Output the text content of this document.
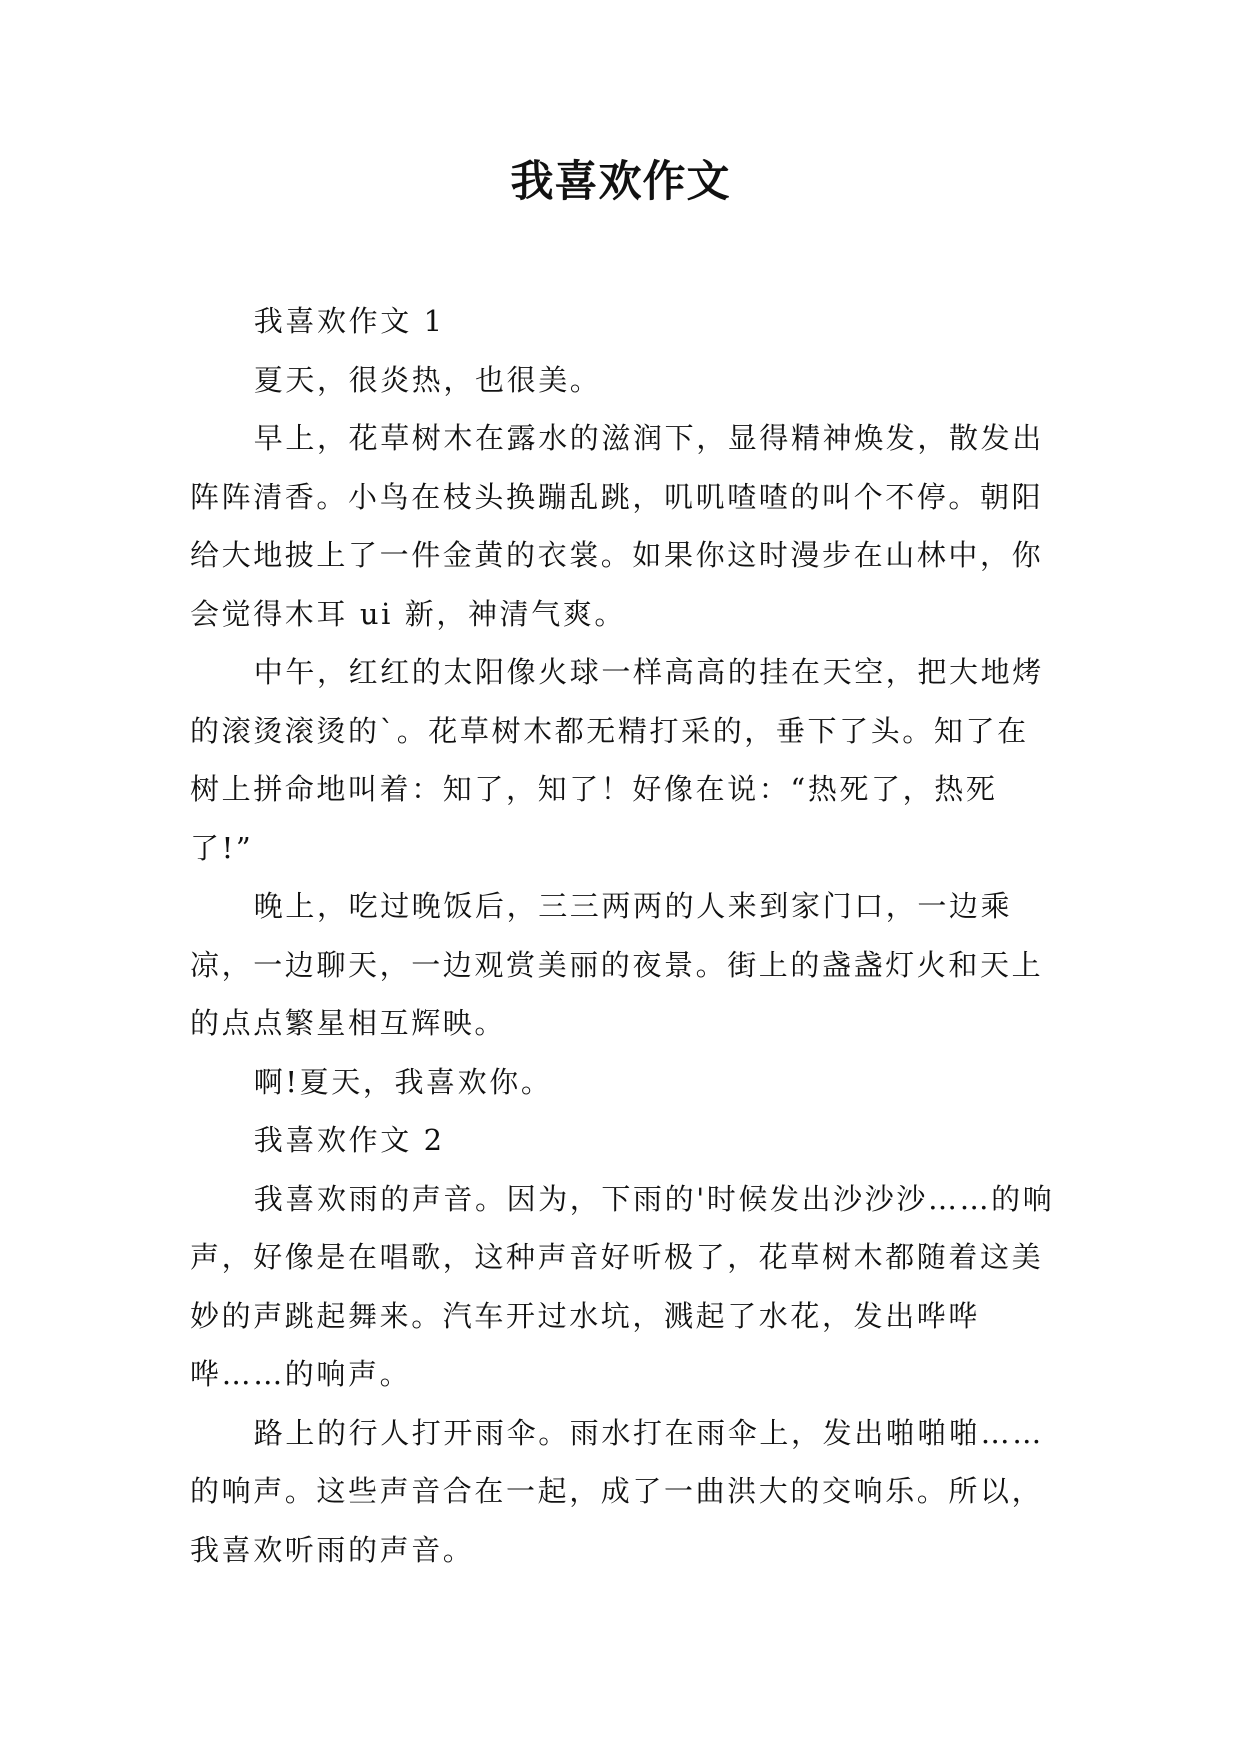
我喜欢作文

我喜欢作文 1

夏天，很炎热，也很美。

早上，花草树木在露水的滋润下，显得精神焕发，散发出阵阵清香。小鸟在枝头换蹦乱跳，叽叽喳喳的叫个不停。朝阳给大地披上了一件金黄的衣裳。如果你这时漫步在山林中，你会觉得木耳 ui 新，神清气爽。

中午，红红的太阳像火球一样高高的挂在天空，把大地烤的滚烫滚烫的`。花草树木都无精打采的，垂下了头。知了在树上拼命地叫着：知了，知了！好像在说：“热死了，热死了!”

晚上，吃过晚饭后，三三两两的人来到家门口，一边乘凉，一边聊天，一边观赏美丽的夜景。街上的盏盏灯火和天上的点点繁星相互辉映。

啊!夏天，我喜欢你。

我喜欢作文 2

我喜欢雨的声音。因为，下雨的'时候发出沙沙沙……的响声，好像是在唱歌，这种声音好听极了，花草树木都随着这美妙的声跳起舞来。汽车开过水坑，溅起了水花，发出哗哗哗……的响声。

路上的行人打开雨伞。雨水打在雨伞上，发出啪啪啪……的响声。这些声音合在一起，成了一曲洪大的交响乐。所以，我喜欢听雨的声音。
